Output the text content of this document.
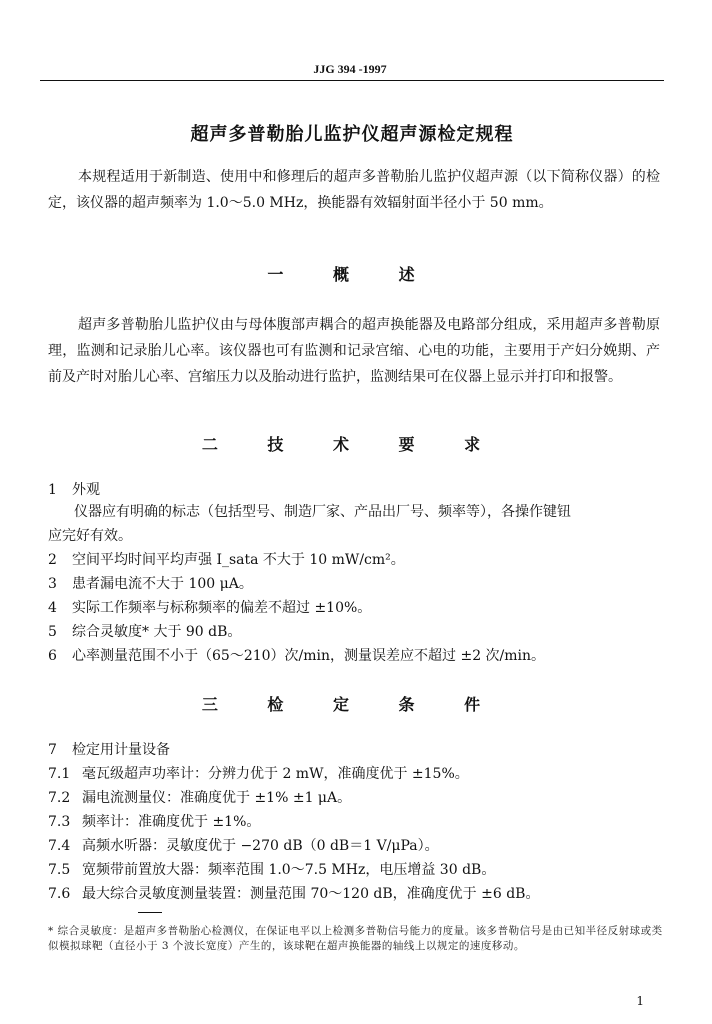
JJG 394 -1997
超声多普勒胎儿监护仪超声源检定规程
本规程适用于新制造、使用中和修理后的超声多普勒胎儿监护仪超声源（以下简称仪器）的检定，该仪器的超声频率为 1.0～5.0 MHz，换能器有效辐射面半径小于 50 mm。
一 概 述
超声多普勒胎儿监护仪由与母体腹部声耦合的超声换能器及电路部分组成，采用超声多普勒原理，监测和记录胎儿心率。该仪器也可有监测和记录宫缩、心电的功能，主要用于产妇分娩期、产前及产时对胎儿心率、宫缩压力以及胎动进行监护，监测结果可在仪器上显示并打印和报警。
二 技 术 要 求
1 外观
仪器应有明确的标志（包括型号、制造厂家、产品出厂号、频率等），各操作键钮
应完好有效。
2 空间平均时间平均声强 I_sata 不大于 10 mW/cm²。
3 患者漏电流不大于 100 μA。
4 实际工作频率与标称频率的偏差不超过 ±10%。
5 综合灵敏度* 大于 90 dB。
6 心率测量范围不小于（65～210）次/min，测量误差应不超过 ±2 次/min。
三 检 定 条 件
7 检定用计量设备
7.1 毫瓦级超声功率计：分辨力优于 2 mW，准确度优于 ±15%。
7.2 漏电流测量仪：准确度优于 ±1% ±1 μA。
7.3 频率计：准确度优于 ±1%。
7.4 高频水听器：灵敏度优于 −270 dB（0 dB＝1 V/μPa）。
7.5 宽频带前置放大器：频率范围 1.0～7.5 MHz，电压增益 30 dB。
7.6 最大综合灵敏度测量装置：测量范围 70～120 dB，准确度优于 ±6 dB。
* 综合灵敏度：是超声多普勒胎心检测仪，在保证电平以上检测多普勒信号能力的度量。该多普勒信号是由已知半径反射球或类似模拟球靶（直径小于 3 个波长宽度）产生的，该球靶在超声换能器的轴线上以规定的速度移动。
1
